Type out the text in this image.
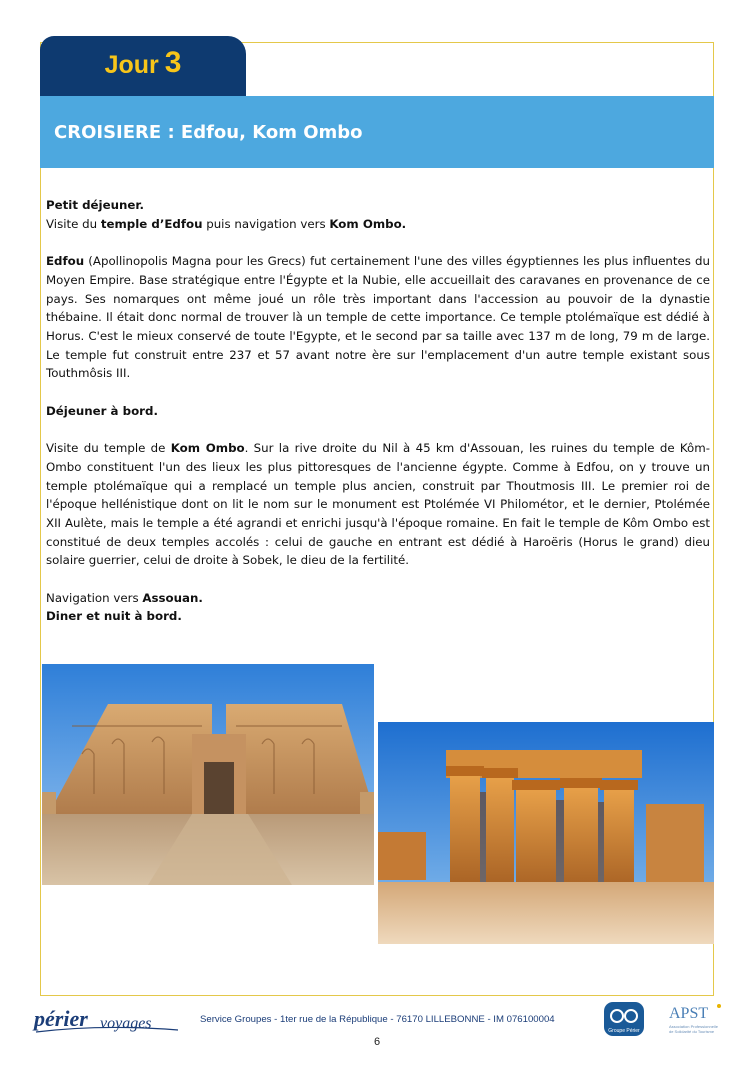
Jour 3
CROISIERE : Edfou, Kom Ombo

Petit déjeuner.

Visite du temple d’Edfou puis navigation vers Kom Ombo.

Edfou (Apollinopolis Magna pour les Grecs) fut certainement l'une des villes égyptiennes les plus influentes du Moyen Empire. Base stratégique entre l'Égypte et la Nubie, elle accueillait des caravanes en provenance de ce pays. Ses nomarques ont même joué un rôle très important dans l'accession au pouvoir de la dynastie thébaine. Il était donc normal de trouver là un temple de cette importance. Ce temple ptolémaïque est dédié à Horus. C'est le mieux conservé de toute l'Egypte, et le second par sa taille avec 137 m de long, 79 m de large. Le temple fut construit entre 237 et 57 avant notre ère sur l'emplacement d'un autre temple existant sous Touthmôsis III.

Déjeuner à bord.

Visite du temple de Kom Ombo. Sur la rive droite du Nil à 45 km d'Assouan, les ruines du temple de Kôm-Ombo constituent l'un des lieux les plus pittoresques de l'ancienne égypte. Comme à Edfou, on y trouve un temple ptolémaïque qui a remplacé un temple plus ancien, construit par Thoutmosis III. Le premier roi de l'époque hellénistique dont on lit le nom sur le monument est Ptolémée VI Philométor, et le dernier, Ptolémée XII Aulète, mais le temple a été agrandi et enrichi jusqu'à l'époque romaine. En fait le temple de Kôm Ombo est constitué de deux temples accolés : celui de gauche en entrant est dédié à Haroëris (Horus le grand) dieu solaire guerrier, celui de droite à Sobek, le dieu de la fertilité.

Navigation vers Assouan.

Diner et nuit à bord.

périer voyages	Service Groupes - 1ter rue de la République - 76170 LILLEBONNE - IM 076100004
Groupe Périer
APST
Association Professionnelle
de Solidarité du Tourisme
6
